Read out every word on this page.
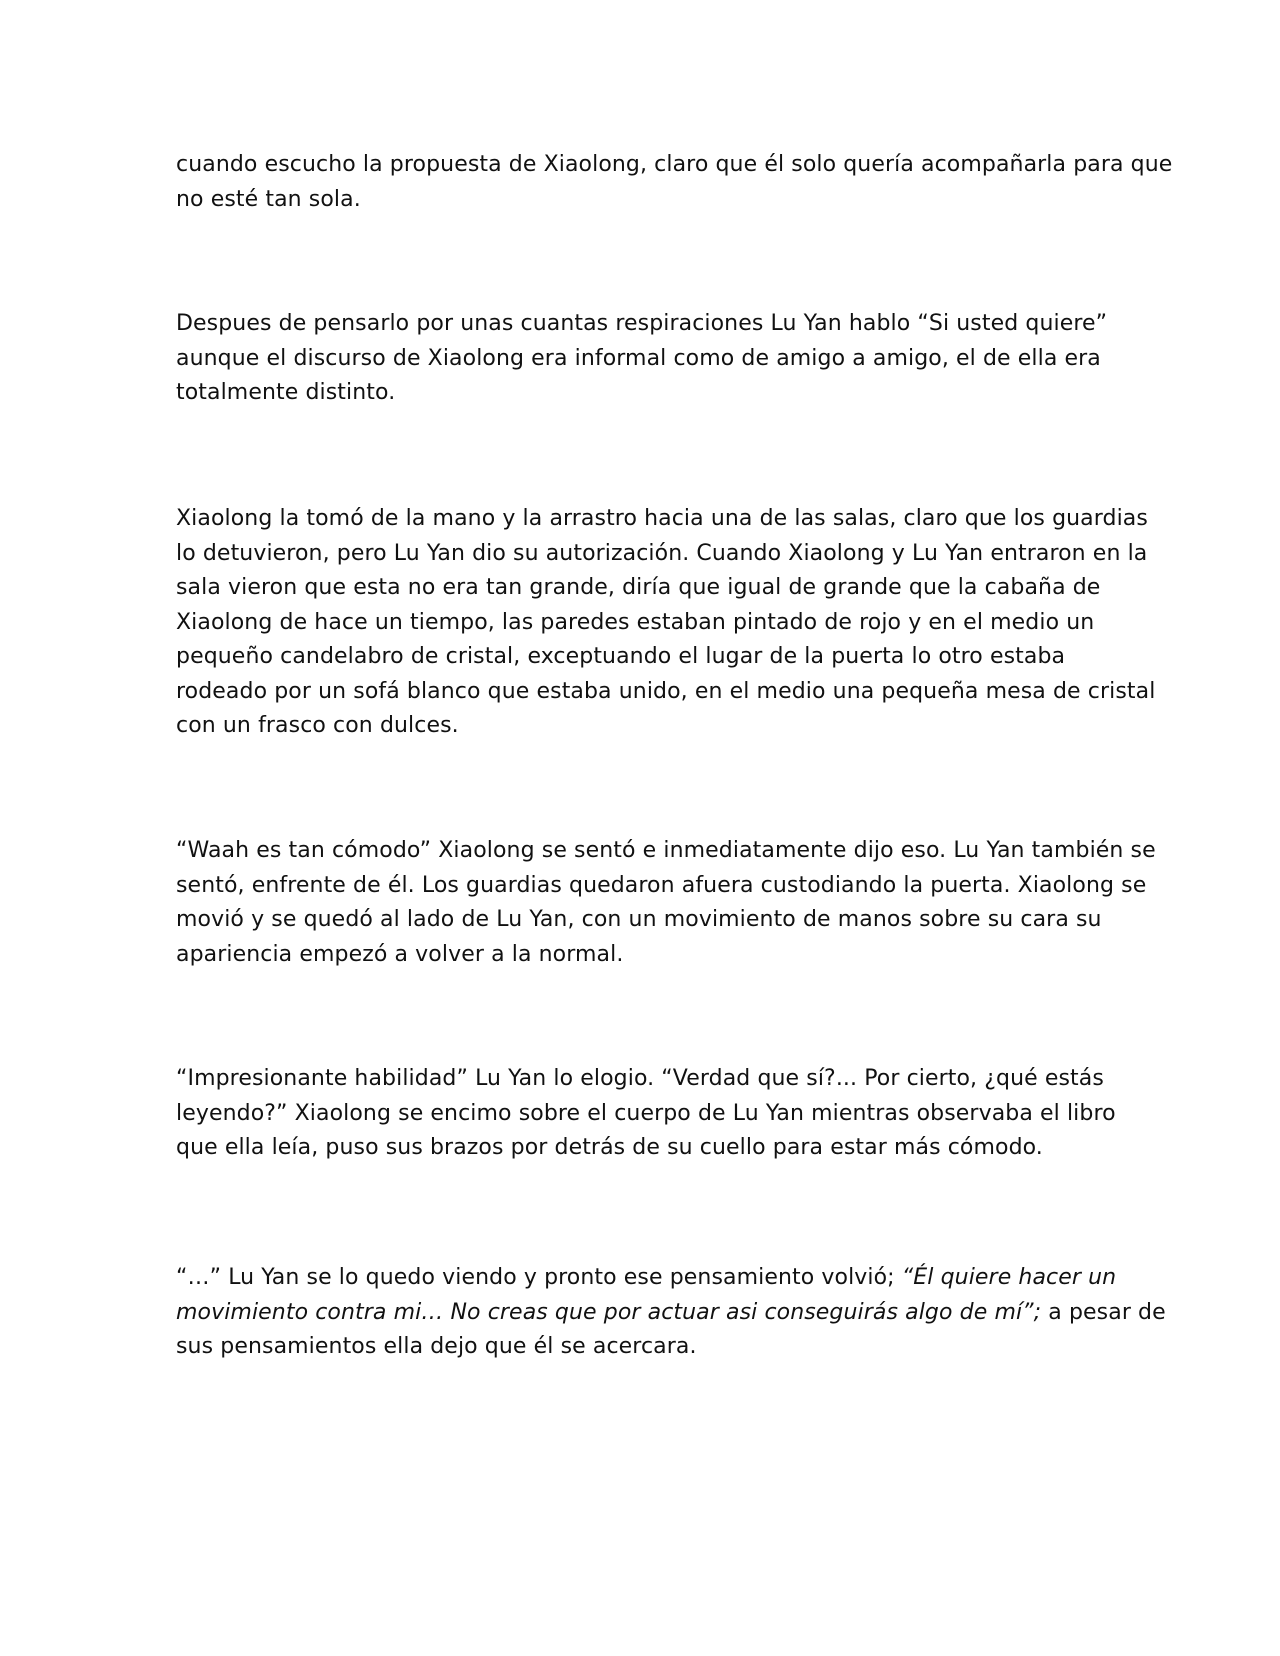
cuando escucho la propuesta de Xiaolong, claro que él solo quería acompañarla para que
no esté tan sola.

Despues de pensarlo por unas cuantas respiraciones Lu Yan hablo “Si usted quiere”
aunque el discurso de Xiaolong era informal como de amigo a amigo, el de ella era
totalmente distinto.

Xiaolong la tomó de la mano y la arrastro hacia una de las salas, claro que los guardias
lo detuvieron, pero Lu Yan dio su autorización. Cuando Xiaolong y Lu Yan entraron en la
sala vieron que esta no era tan grande, diría que igual de grande que la cabaña de
Xiaolong de hace un tiempo, las paredes estaban pintado de rojo y en el medio un
pequeño candelabro de cristal, exceptuando el lugar de la puerta lo otro estaba
rodeado por un sofá blanco que estaba unido, en el medio una pequeña mesa de cristal
con un frasco con dulces.

“Waah es tan cómodo” Xiaolong se sentó e inmediatamente dijo eso. Lu Yan también se
sentó, enfrente de él. Los guardias quedaron afuera custodiando la puerta. Xiaolong se
movió y se quedó al lado de Lu Yan, con un movimiento de manos sobre su cara su
apariencia empezó a volver a la normal.

“Impresionante habilidad” Lu Yan lo elogio. “Verdad que sí?... Por cierto, ¿qué estás
leyendo?” Xiaolong se encimo sobre el cuerpo de Lu Yan mientras observaba el libro
que ella leía, puso sus brazos por detrás de su cuello para estar más cómodo.

“…” Lu Yan se lo quedo viendo y pronto ese pensamiento volvió; “Él quiere hacer un
movimiento contra mi… No creas que por actuar asi conseguirás algo de mí”; a pesar de
sus pensamientos ella dejo que él se acercara.
